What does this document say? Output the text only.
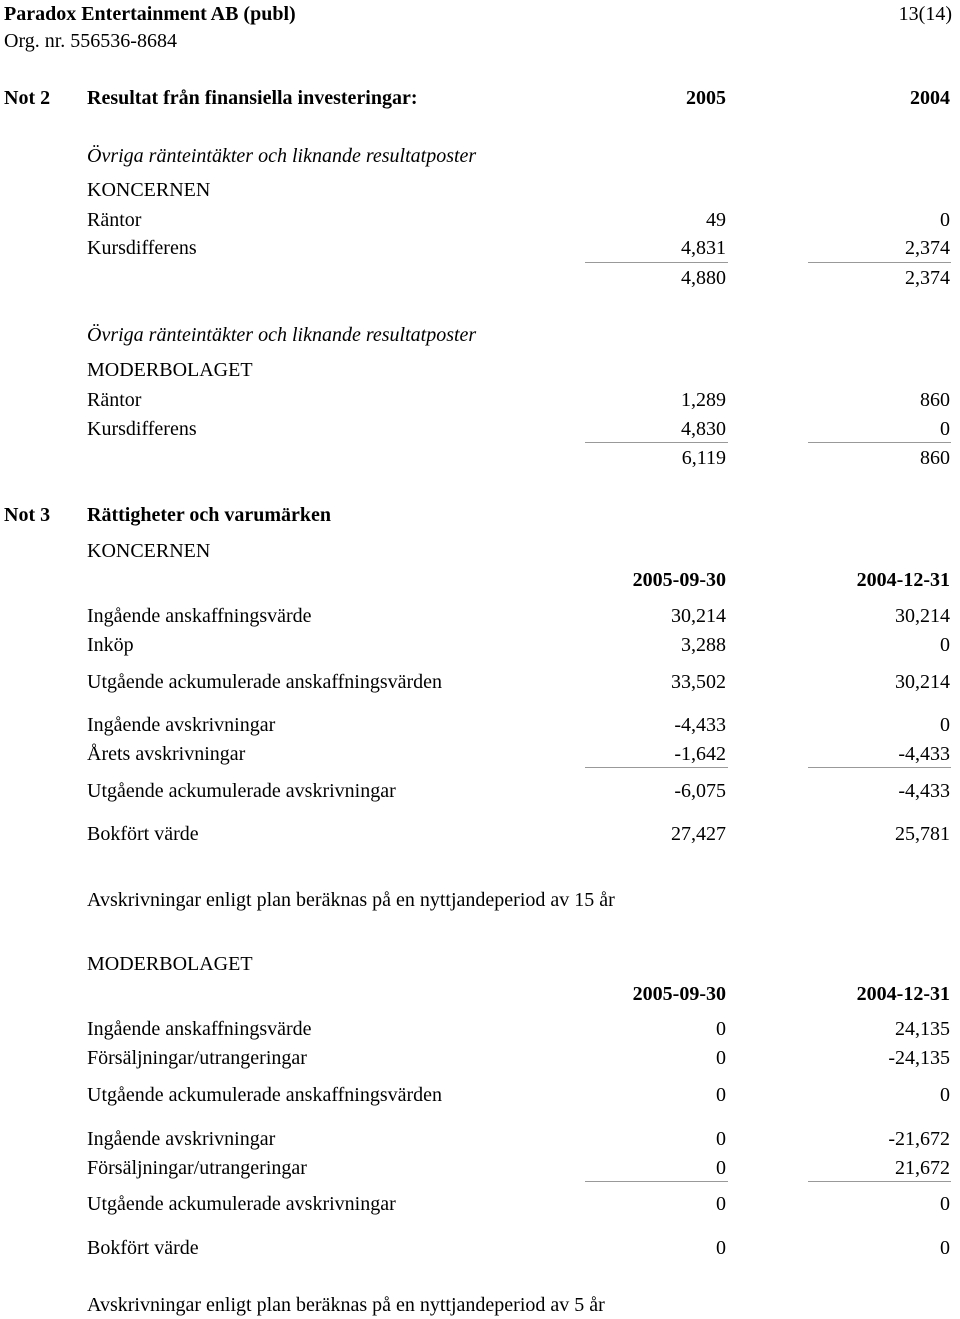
Paradox Entertainment AB (publ)
Org. nr. 556536-8684
13(14)
Not 2 Resultat från finansiella investeringar:	2005	2004
Övriga ränteintäkter och liknande resultatposter
KONCERNEN
Räntor	49	0
Kursdifferens	4,831	2,374
4,880	2,374
Övriga ränteintäkter och liknande resultatposter
MODERBOLAGET
Räntor	1,289	860
Kursdifferens	4,830	0
6,119	860
Not 3 Rättigheter och varumärken
KONCERNEN
2005-09-30	2004-12-31
Ingående anskaffningsvärde	30,214	30,214
Inköp	3,288	0
Utgående ackumulerade anskaffningsvärden	33,502	30,214
Ingående avskrivningar	-4,433	0
Årets avskrivningar	-1,642	-4,433
Utgående ackumulerade avskrivningar	-6,075	-4,433
Bokfört värde	27,427	25,781
Avskrivningar enligt plan beräknas på en nyttjandeperiod av 15 år
MODERBOLAGET
2005-09-30	2004-12-31
Ingående anskaffningsvärde	0	24,135
Försäljningar/utrangeringar	0	-24,135
Utgående ackumulerade anskaffningsvärden	0	0
Ingående avskrivningar	0	-21,672
Försäljningar/utrangeringar	0	21,672
Utgående ackumulerade avskrivningar	0	0
Bokfört värde	0	0
Avskrivningar enligt plan beräknas på en nyttjandeperiod av 5 år
